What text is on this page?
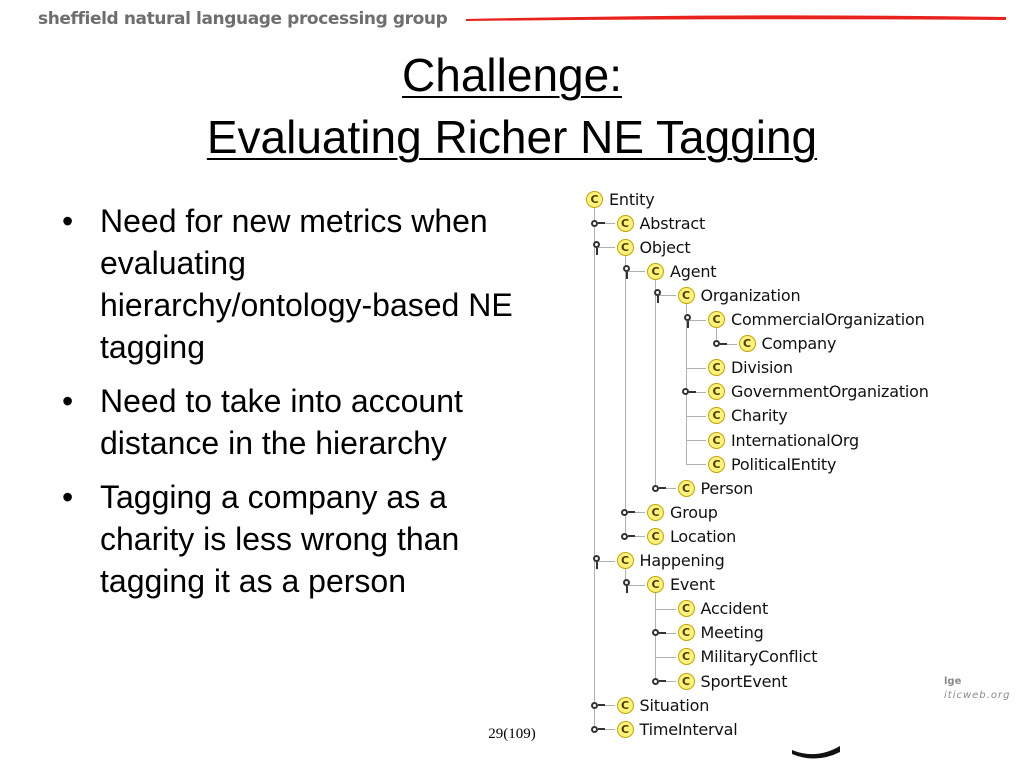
sheffield natural language processing group
Challenge:
Evaluating Richer NE Tagging
• Need for new metrics when evaluating hierarchy/ontology-based NE tagging
• Need to take into account distance in the hierarchy
• Tagging a company as a charity is less wrong than tagging it as a person
C Entity
C Abstract
C Object
C Agent
C Organization
C CommercialOrganization
C Company
C Division
C GovernmentOrganization
C Charity
C InternationalOrg
C PoliticalEntity
C Person
C Group
C Location
C Happening
C Event
C Accident
C Meeting
C MilitaryConflict
C SportEvent
C Situation
C TimeInterval
lge
iticweb.org
29(109)
